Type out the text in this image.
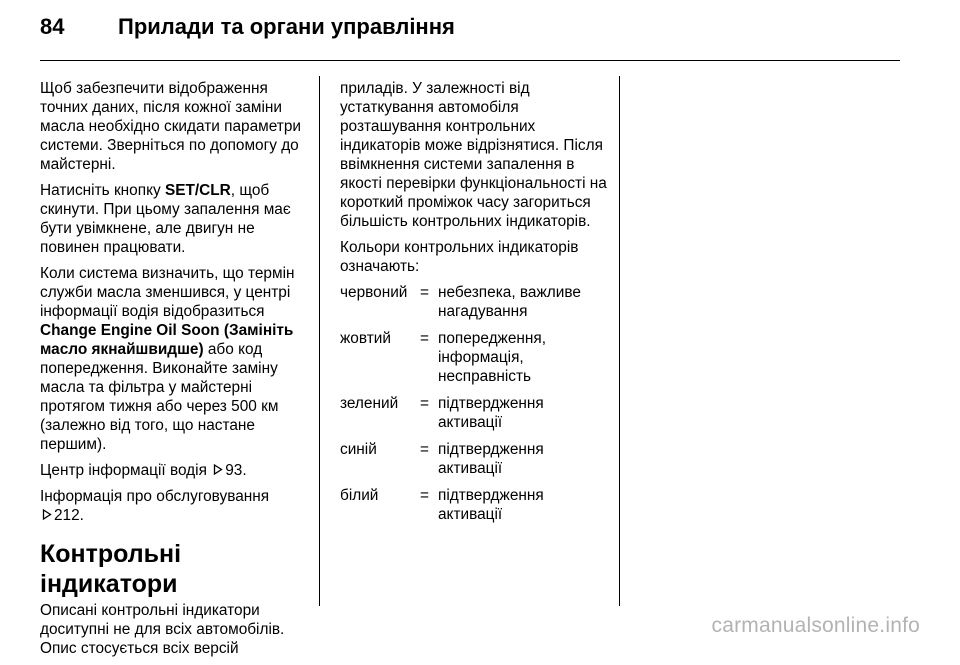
84 Прилади та органи управління

Щоб забезпечити відображення точних даних, після кожної заміни масла необхідно скидати параметри системи. Зверніться по допомогу до майстерні.

Натисніть кнопку SET/CLR, щоб скинути. При цьому запалення має бути увімкнене, але двигун не повинен працювати.

Коли система визначить, що термін служби масла зменшився, у центрі інформації водія відобразиться Change Engine Oil Soon (Замініть масло якнайшвидше) або код попередження. Виконайте заміну масла та фільтра у майстерні протягом тижня або через 500 км (залежно від того, що настане першим).

Центр інформації водія 93.

Інформація про обслуговування
212.

Контрольні індикатори

Описані контрольні індикатори доситупні не для всіх автомобілів. Опис стосується всіх версій

приладів. У залежності від устаткування автомобіля розташування контрольних індикаторів може відрізнятися. Після ввімкнення системи запалення в якості перевірки функціональності на короткий проміжок часу загориться більшість контрольних індикаторів.

Кольори контрольних індикаторів означають:

червоний = небезпека, важливе нагадування
жовтий	= попередження, інформація, несправність
зелений	= підтвердження активації
синій	= підтвердження активації
білий	= підтвердження активації
carmanualsonline.info
